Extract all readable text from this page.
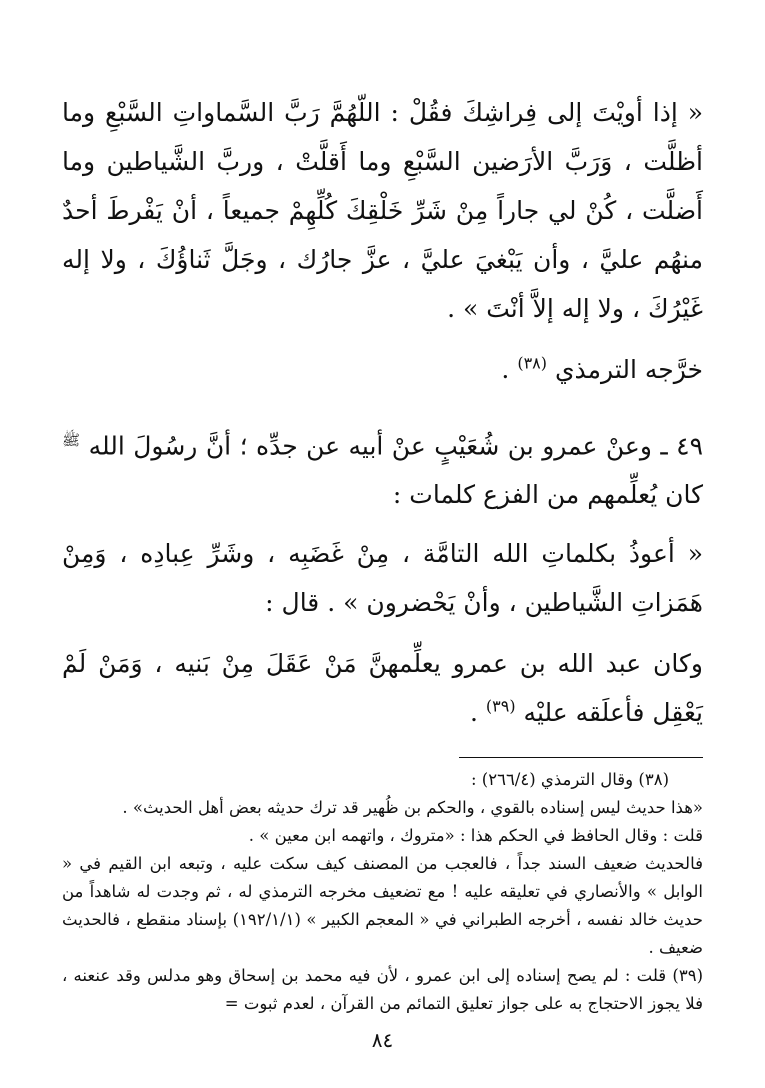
« إذا أويْتَ إلى فِراشِكَ فقُلْ : اللّهُمَّ رَبَّ السَّماواتِ السَّبْعِ وما أظلَّت ، وَرَبَّ الأرَضين السَّبْعِ وما أَقلَّتْ ، وربَّ الشَّياطين وما أَضلَّت ، كُنْ لي جاراً مِنْ شَرِّ خَلْقِكَ كُلِّهِمْ جميعاً ، أنْ يَفْرطَ أحدٌ منهُم عليَّ ، وأن يَبْغيَ عليَّ ، عزَّ جارُك ، وجَلَّ ثَناؤُكَ ، ولا إله غَيْرُكَ ، ولا إله إلاَّ أنْتَ » .

خرَّجه الترمذي $^{(٣٨)}$ .

٤٩ ـ وعنْ عمرو بن شُعَيْبٍ عنْ أبيه عن جدِّه ؛ أنَّ رسُولَ الله $^ﷺ$ كان يُعلِّمهم من الفزع كلمات :

« أعوذُ بكلماتِ الله التامَّة ، مِنْ غَضَبِه ، وشَرِّ عِبادِه ، وَمِنْ هَمَزاتِ الشَّياطين ، وأنْ يَحْضرون » . قال :

وكان عبد الله بن عمرو يعلِّمهنَّ مَنْ عَقَلَ مِنْ بَنيه ، وَمَنْ لَمْ يَعْقِل فأعلَقه عليْه $^{(٣٩)}$ .

(٣٨) وقال الترمذي (٢٦٦/٤) :

«هذا حديث ليس إسناده بالقوي ، والحكم بن ظُهير قد ترك حديثه بعض أهل الحديث» .

قلت : وقال الحافظ في الحكم هذا : «متروك ، واتهمه ابن معين » .

فالحديث ضعيف السند جداً ، فالعجب من المصنف كيف سكت عليه ، وتبعه ابن القيم في « الوابل » والأنصاري في تعليقه عليه ! مع تضعيف مخرجه الترمذي له ، ثم وجدت له شاهداً من حديث خالد نفسه ، أخرجه الطبراني في « المعجم الكبير » (١٩٢/١/١) بإسناد منقطع ، فالحديث ضعيف .

(٣٩) قلت : لم يصح إسناده إلى ابن عمرو ، لأن فيه محمد بن إسحاق وهو مدلس وقد عنعنه ، فلا يجوز الاحتجاج به على جواز تعليق التمائم من القرآن ، لعدم ثبوت =

٨٤
